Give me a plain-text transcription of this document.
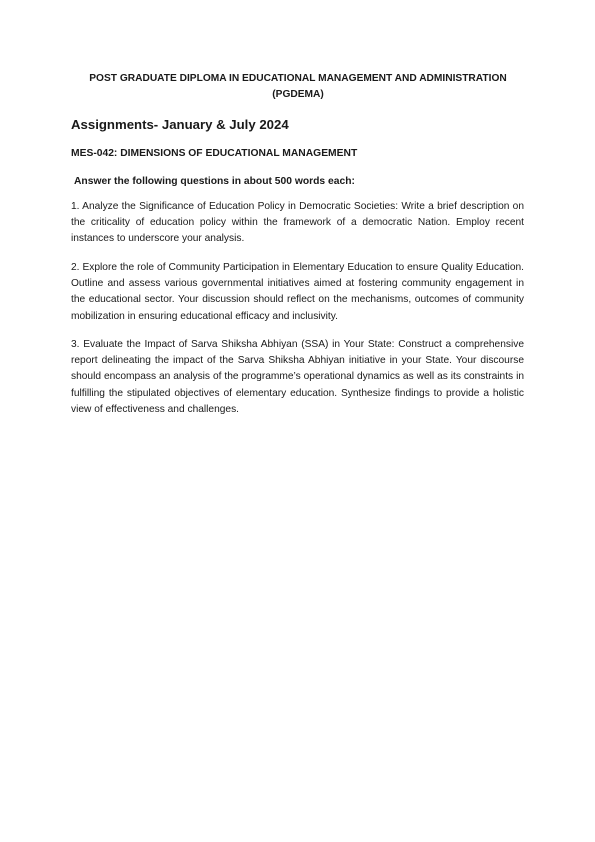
POST GRADUATE DIPLOMA IN EDUCATIONAL MANAGEMENT AND ADMINISTRATION (PGDEMA)
Assignments- January & July 2024
MES-042: DIMENSIONS OF EDUCATIONAL MANAGEMENT
Answer the following questions in about 500 words each:
1. Analyze the Significance of Education Policy in Democratic Societies: Write a brief description on the criticality of education policy within the framework of a democratic Nation. Employ recent instances to underscore your analysis.
2. Explore the role of Community Participation in Elementary Education to ensure Quality Education. Outline and assess various governmental initiatives aimed at fostering community engagement in the educational sector. Your discussion should reflect on the mechanisms, outcomes of community mobilization in ensuring educational efficacy and inclusivity.
3. Evaluate the Impact of Sarva Shiksha Abhiyan (SSA) in Your State: Construct a comprehensive report delineating the impact of the Sarva Shiksha Abhiyan initiative in your State. Your discourse should encompass an analysis of the programme’s operational dynamics as well as its constraints in fulfilling the stipulated objectives of elementary education. Synthesize findings to provide a holistic view of effectiveness and challenges.
